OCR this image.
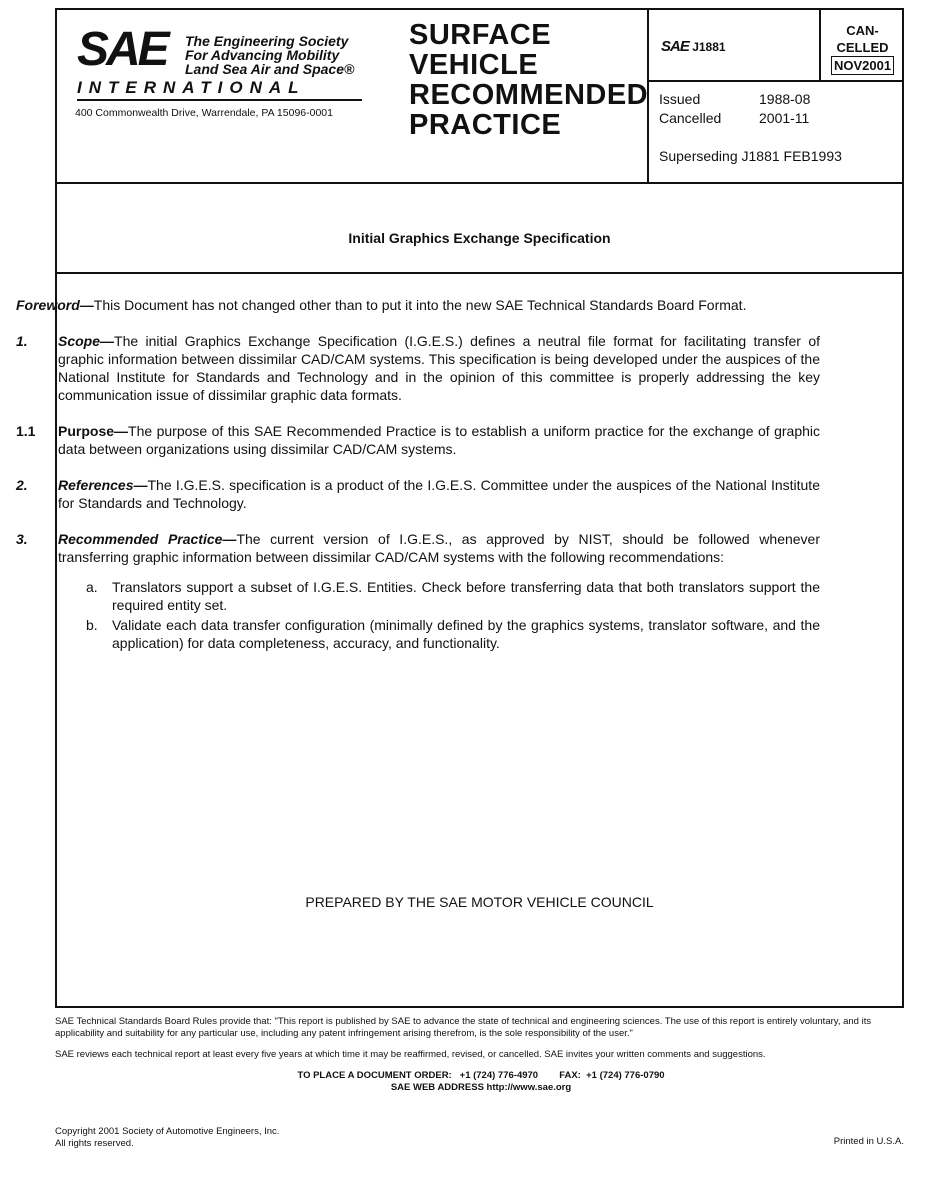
SAE	The Engineering Society
For Advancing Mobility
Land Sea Air and Space®
INTERNATIONAL
400 Commonwealth Drive, Warrendale, PA 15096-0001
SURFACE
VEHICLE
RECOMMENDED
PRACTICE
SAE J1881
CAN-
CELLED
NOV2001
Issued	1988-08
Cancelled	2001-11
Superseding J1881 FEB1993
Initial Graphics Exchange Specification
PREPARED BY THE SAE MOTOR VEHICLE COUNCIL

Foreword—This Document has not changed other than to put it into the new SAE Technical Standards Board Format.

1.	Scope—The initial Graphics Exchange Specification (I.G.E.S.) defines a neutral file format for facilitating transfer of graphic information between dissimilar CAD/CAM systems. This specification is being developed under the auspices of the National Institute for Standards and Technology and in the opinion of this committee is properly addressing the key communication issue of dissimilar graphic data formats.
1.1	Purpose—The purpose of this SAE Recommended Practice is to establish a uniform practice for the exchange of graphic data between organizations using dissimilar CAD/CAM systems.
2.	References—The I.G.E.S. specification is a product of the I.G.E.S. Committee under the auspices of the National Institute for Standards and Technology.
3.	Recommended Practice—The current version of I.G.E.S., as approved by NIST, should be followed whenever transferring graphic information between dissimilar CAD/CAM systems with the following recommendations:
a.	Translators support a subset of I.G.E.S. Entities. Check before transferring data that both translators support the required entity set.
b.	Validate each data transfer configuration (minimally defined by the graphics systems, translator software, and the application) for data completeness, accuracy, and functionality.

SAE Technical Standards Board Rules provide that: "This report is published by SAE to advance the state of technical and engineering sciences. The use of this report is entirely voluntary, and its applicability and suitability for any particular use, including any patent infringement arising therefrom, is the sole responsibility of the user."

SAE reviews each technical report at least every five years at which time it may be reaffirmed, revised, or cancelled. SAE invites your written comments and suggestions.

TO PLACE A DOCUMENT ORDER:   +1 (724) 776-4970        FAX:  +1 (724) 776-0790
SAE WEB ADDRESS http://www.sae.org
Copyright 2001 Society of Automotive Engineers, Inc.
All rights reserved.	Printed in U.S.A.
